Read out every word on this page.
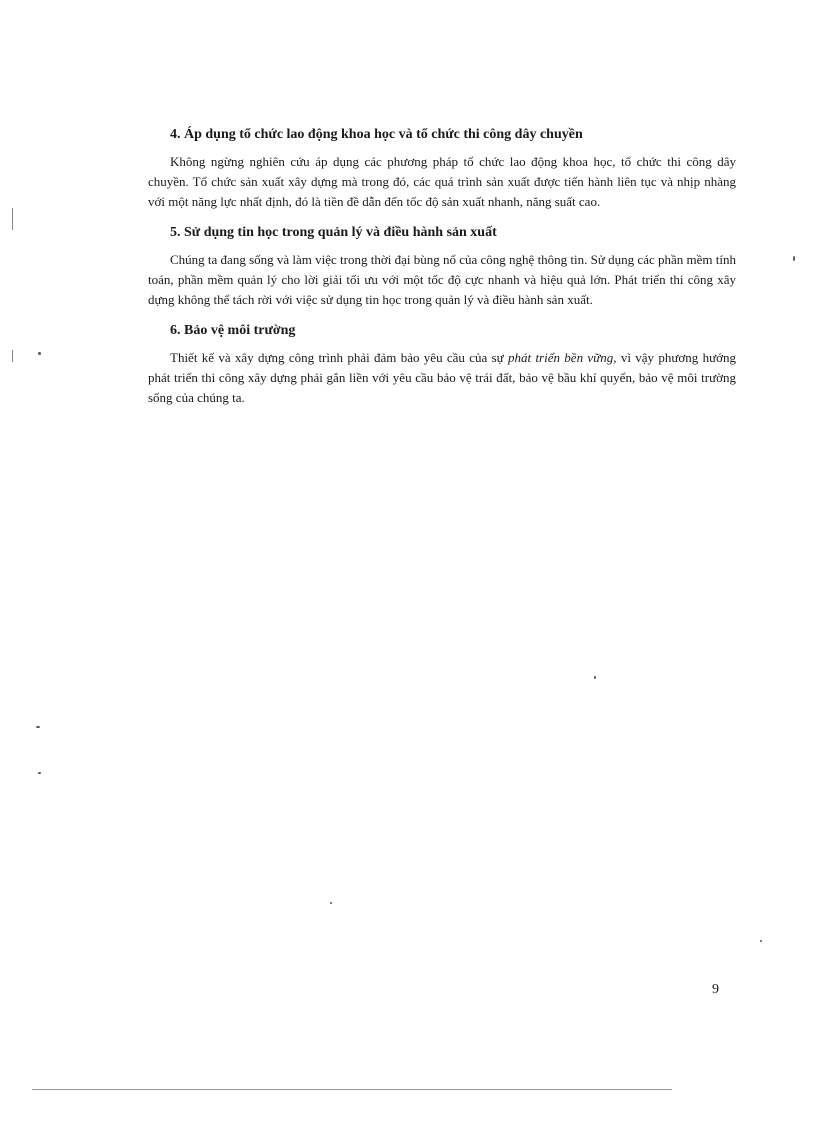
4. Áp dụng tổ chức lao động khoa học và tổ chức thi công dây chuyền

Không ngừng nghiên cứu áp dụng các phương pháp tổ chức lao động khoa học, tổ chức thi công dây chuyền. Tổ chức sản xuất xây dựng mà trong đó, các quá trình sản xuất được tiến hành liên tục và nhịp nhàng với một năng lực nhất định, đó là tiền đề dẫn đến tốc độ sản xuất nhanh, năng suất cao.

5. Sử dụng tin học trong quản lý và điều hành sản xuất

Chúng ta đang sống và làm việc trong thời đại bùng nổ của công nghệ thông tin. Sử dụng các phần mềm tính toán, phần mềm quản lý cho lời giải tối ưu với một tốc độ cực nhanh và hiệu quả lớn. Phát triển thi công xây dựng không thể tách rời với việc sử dụng tin học trong quản lý và điều hành sản xuất.

6. Bảo vệ môi trường

Thiết kế và xây dựng công trình phải đảm bảo yêu cầu của sự phát triển bền vững, vì vậy phương hướng phát triển thi công xây dựng phải gắn liền với yêu cầu bảo vệ trái đất, bảo vệ bầu khí quyển, bảo vệ môi trường sống của chúng ta.

9
